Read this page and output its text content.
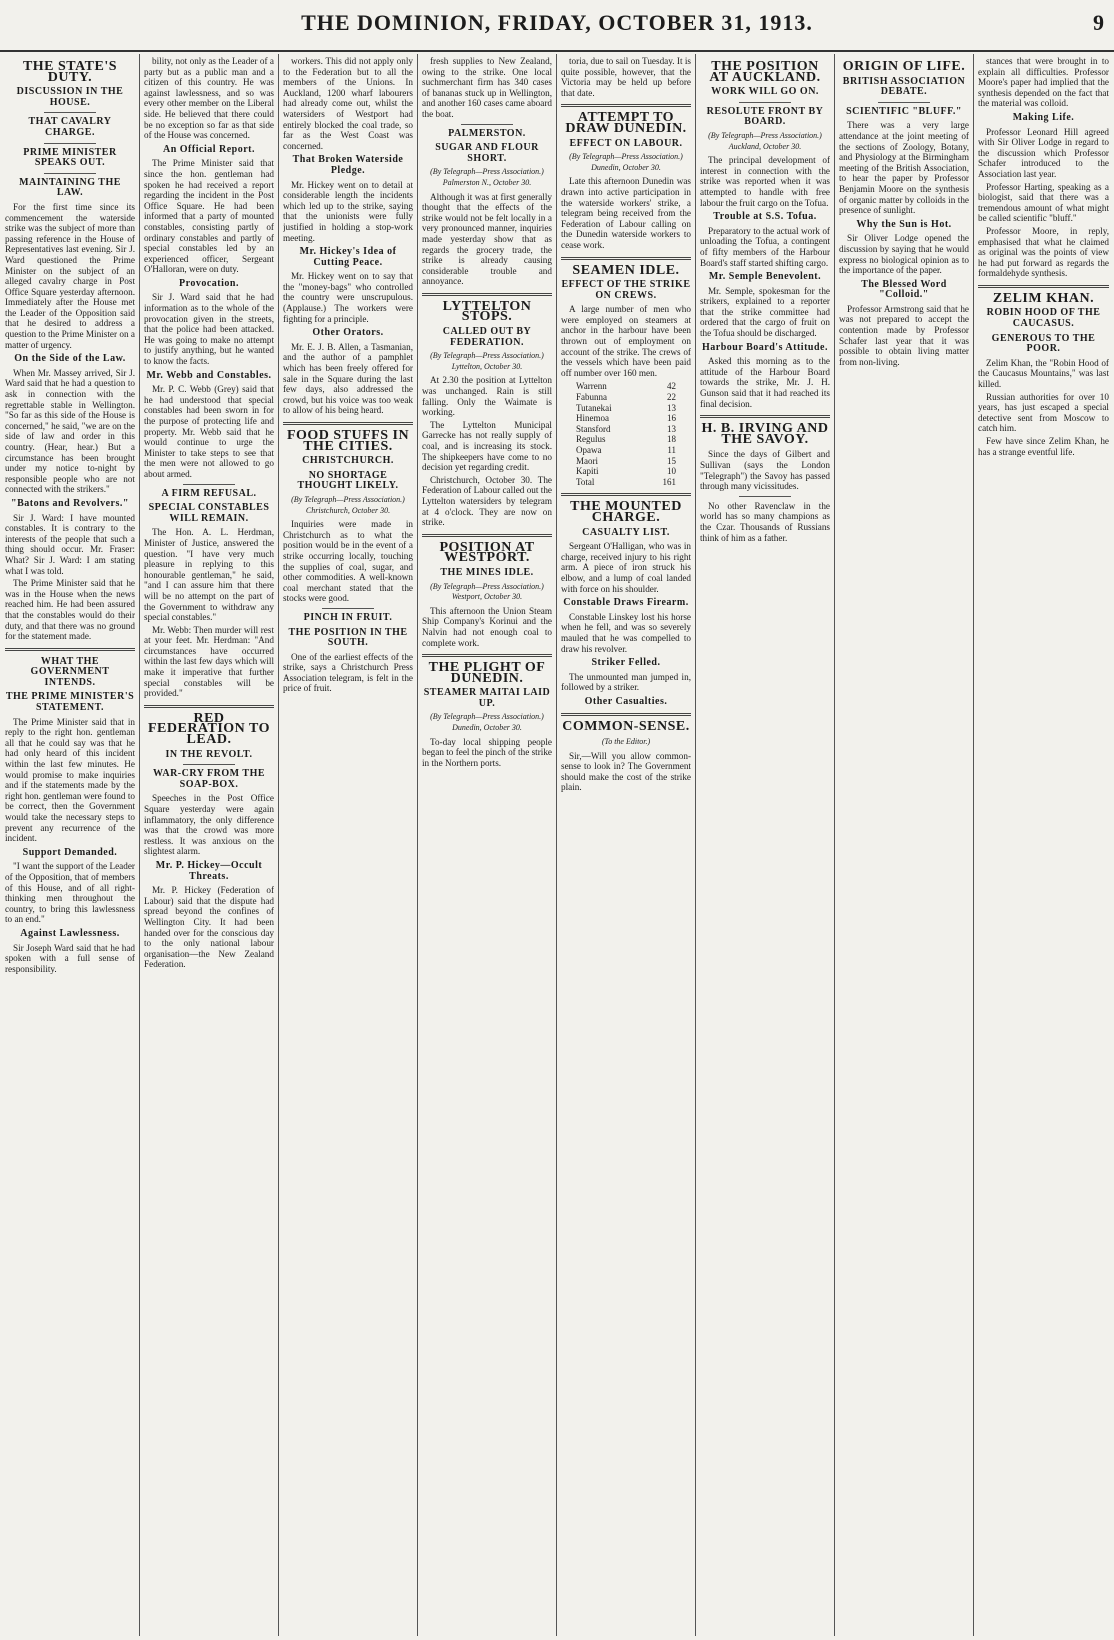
THE DOMINION, FRIDAY, OCTOBER 31, 1913.	9
THE STATE'S DUTY.
DISCUSSION IN THE HOUSE.
THAT CAVALRY CHARGE.
PRIME MINISTER SPEAKS OUT.
MAINTAINING THE LAW.

For the first time since its commencement the waterside strike was the subject of more than passing reference in the House of Representatives last evening. Sir J. Ward questioned the Prime Minister on the subject of an alleged cavalry charge in Post Office Square yesterday afternoon. Immediately after the House met the Leader of the Opposition said that he desired to address a question to the Prime Minister on a matter of urgency.

On the Side of the Law.

When Mr. Massey arrived, Sir J. Ward said that he had a question to ask in connection with the regrettable stable in Wellington. "So far as this side of the House is concerned," he said, "we are on the side of law and order in this country. (Hear, hear.) But a circumstance has been brought under my notice to-night by responsible people who are not connected with the strikers."

"Batons and Revolvers."

Sir J. Ward: I have mounted constables. It is contrary to the interests of the people that such a thing should occur. Mr. Fraser: What? Sir J. Ward: I am stating what I was told.

The Prime Minister said that he was in the House when the news reached him. He had been assured that the constables would do their duty, and that there was no ground for the statement made.

WHAT THE GOVERNMENT INTENDS.
THE PRIME MINISTER'S STATEMENT.

The Prime Minister said that in reply to the right hon. gentleman all that he could say was that he had only heard of this incident within the last few minutes. He would promise to make inquiries and if the statements made by the right hon. gentleman were found to be correct, then the Government would take the necessary steps to prevent any recurrence of the incident.

Support Demanded.

"I want the support of the Leader of the Opposition, that of members of this House, and of all right-thinking men throughout the country, to bring this lawlessness to an end."

Against Lawlessness.

Sir Joseph Ward said that he had spoken with a full sense of responsibility.

bility, not only as the Leader of a party but as a public man and a citizen of this country. He was against lawlessness, and so was every other member on the Liberal side. He believed that there could be no exception so far as that side of the House was concerned.

An Official Report.

The Prime Minister said that since the hon. gentleman had spoken he had received a report regarding the incident in the Post Office Square. He had been informed that a party of mounted constables, consisting partly of ordinary constables and partly of special constables led by an experienced officer, Sergeant O'Halloran, were on duty.

Provocation.

Sir J. Ward said that he had information as to the whole of the provocation given in the streets, that the police had been attacked. He was going to make no attempt to justify anything, but he wanted to know the facts.

Mr. Webb and Constables.

Mr. P. C. Webb (Grey) said that he had understood that special constables had been sworn in for the purpose of protecting life and property. Mr. Webb said that he would continue to urge the Minister to take steps to see that the men were not allowed to go about armed.

A FIRM REFUSAL.
SPECIAL CONSTABLES WILL REMAIN.

The Hon. A. L. Herdman, Minister of Justice, answered the question. "I have very much pleasure in replying to this honourable gentleman," he said, "and I can assure him that there will be no attempt on the part of the Government to withdraw any special constables."

Mr. Webb: Then murder will rest at your feet. Mr. Herdman: "And circumstances have occurred within the last few days which will make it imperative that further special constables will be provided."

RED FEDERATION TO LEAD.
IN THE REVOLT.
WAR-CRY FROM THE SOAP-BOX.

Speeches in the Post Office Square yesterday were again inflammatory, the only difference was that the crowd was more restless. It was anxious on the slightest alarm.

Mr. P. Hickey—Occult Threats.

Mr. P. Hickey (Federation of Labour) said that the dispute had spread beyond the confines of Wellington City. It had been handed over for the conscious day to the only national labour organisation—the New Zealand Federation.

workers. This did not apply only to the Federation but to all the members of the Unions. In Auckland, 1200 wharf labourers had already come out, whilst the watersiders of Westport had entirely blocked the coal trade, so far as the West Coast was concerned.

That Broken Waterside Pledge.

Mr. Hickey went on to detail at considerable length the incidents which led up to the strike, saying that the unionists were fully justified in holding a stop-work meeting.

Mr. Hickey's Idea of Cutting Peace.

Mr. Hickey went on to say that the "money-bags" who controlled the country were unscrupulous. (Applause.) The workers were fighting for a principle.

Other Orators.

Mr. E. J. B. Allen, a Tasmanian, and the author of a pamphlet which has been freely offered for sale in the Square during the last few days, also addressed the crowd, but his voice was too weak to allow of his being heard.

FOOD STUFFS IN THE CITIES.
CHRISTCHURCH.
NO SHORTAGE THOUGHT LIKELY.
(By Telegraph—Press Association.) Christchurch, October 30.

Inquiries were made in Christchurch as to what the position would be in the event of a strike occurring locally, touching the supplies of coal, sugar, and other commodities. A well-known coal merchant stated that the stocks were good.

PINCH IN FRUIT.
THE POSITION IN THE SOUTH.

One of the earliest effects of the strike, says a Christchurch Press Association telegram, is felt in the price of fruit.

fresh supplies to New Zealand, owing to the strike. One local suchmerchant firm has 340 cases of bananas stuck up in Wellington, and another 160 cases came aboard the boat.

PALMERSTON.
SUGAR AND FLOUR SHORT.
(By Telegraph—Press Association.) Palmerston N., October 30.

Although it was at first generally thought that the effects of the strike would not be felt locally in a very pronounced manner, inquiries made yesterday show that as regards the grocery trade, the strike is already causing considerable trouble and annoyance.

LYTTELTON STOPS.
CALLED OUT BY FEDERATION.
(By Telegraph—Press Association.) Lyttelton, October 30.

At 2.30 the position at Lyttelton was unchanged. Rain is still falling. Only the Waimate is working.

The Lyttelton Municipal Garrecke has not really supply of coal, and is increasing its stock. The shipkeepers have come to no decision yet regarding credit.

Christchurch, October 30. The Federation of Labour called out the Lyttelton watersiders by telegram at 4 o'clock. They are now on strike.

POSITION AT WESTPORT.
THE MINES IDLE.
(By Telegraph—Press Association.) Westport, October 30.

This afternoon the Union Steam Ship Company's Korinui and the Nalvin had not enough coal to complete work.

THE PLIGHT OF DUNEDIN.
STEAMER MAITAI LAID UP.
(By Telegraph—Press Association.) Dunedin, October 30.

To-day local shipping people began to feel the pinch of the strike in the Northern ports.

toria, due to sail on Tuesday. It is quite possible, however, that the Victoria may be held up before that date.

ATTEMPT TO DRAW DUNEDIN.
EFFECT ON LABOUR.
(By Telegraph—Press Association.) Dunedin, October 30.

Late this afternoon Dunedin was drawn into active participation in the waterside workers' strike, a telegram being received from the Federation of Labour calling on the Dunedin waterside workers to cease work.

SEAMEN IDLE.
EFFECT OF THE STRIKE ON CREWS.

A large number of men who were employed on steamers at anchor in the harbour have been thrown out of employment on account of the strike. The crews of the vessels which have been paid off number over 160 men.

Warrenn	42
Fabunna	22
Tutanekai	13
Hinemoa	16
Stansford	13
Regulus	18
Opawa	11
Maori	15
Kapiti	10
Total	161
THE MOUNTED CHARGE.
CASUALTY LIST.

Sergeant O'Halligan, who was in charge, received injury to his right arm. A piece of iron struck his elbow, and a lump of coal landed with force on his shoulder.

Constable Draws Firearm.

Constable Linskey lost his horse when he fell, and was so severely mauled that he was compelled to draw his revolver.

Striker Felled.

The unmounted man jumped in, followed by a striker.

Other Casualties.
COMMON-SENSE.
(To the Editor.)

Sir,—Will you allow common-sense to look in? The Government should make the cost of the strike plain.

THE POSITION AT AUCKLAND.
WORK WILL GO ON.
RESOLUTE FRONT BY BOARD.
(By Telegraph—Press Association.) Auckland, October 30.

The principal development of interest in connection with the strike was reported when it was attempted to handle with free labour the fruit cargo on the Tofua.

Trouble at S.S. Tofua.

Preparatory to the actual work of unloading the Tofua, a contingent of fifty members of the Harbour Board's staff started shifting cargo.

Mr. Semple Benevolent.

Mr. Semple, spokesman for the strikers, explained to a reporter that the strike committee had ordered that the cargo of fruit on the Tofua should be discharged.

Harbour Board's Attitude.

Asked this morning as to the attitude of the Harbour Board towards the strike, Mr. J. H. Gunson said that it had reached its final decision.

H. B. IRVING AND THE SAVOY.

Since the days of Gilbert and Sullivan (says the London "Telegraph") the Savoy has passed through many vicissitudes.

No other Ravenclaw in the world has so many champions as the Czar. Thousands of Russians think of him as a father.

ORIGIN OF LIFE.
BRITISH ASSOCIATION DEBATE.
SCIENTIFIC "BLUFF."

There was a very large attendance at the joint meeting of the sections of Zoology, Botany, and Physiology at the Birmingham meeting of the British Association, to hear the paper by Professor Benjamin Moore on the synthesis of organic matter by colloids in the presence of sunlight.

Why the Sun is Hot.

Sir Oliver Lodge opened the discussion by saying that he would express no biological opinion as to the importance of the paper.

The Blessed Word "Colloid."

Professor Armstrong said that he was not prepared to accept the contention made by Professor Schafer last year that it was possible to obtain living matter from non-living.

stances that were brought in to explain all difficulties. Professor Moore's paper had implied that the synthesis depended on the fact that the material was colloid.

Making Life.

Professor Leonard Hill agreed with Sir Oliver Lodge in regard to the discussion which Professor Schafer introduced to the Association last year.

Professor Harting, speaking as a biologist, said that there was a tremendous amount of what might be called scientific "bluff."

Professor Moore, in reply, emphasised that what he claimed as original was the points of view he had put forward as regards the formaldehyde synthesis.

ZELIM KHAN.
ROBIN HOOD OF THE CAUCASUS.
GENEROUS TO THE POOR.

Zelim Khan, the "Robin Hood of the Caucasus Mountains," was last killed.

Russian authorities for over 10 years, has just escaped a special detective sent from Moscow to catch him.

Few have since Zelim Khan, he has a strange eventful life.
